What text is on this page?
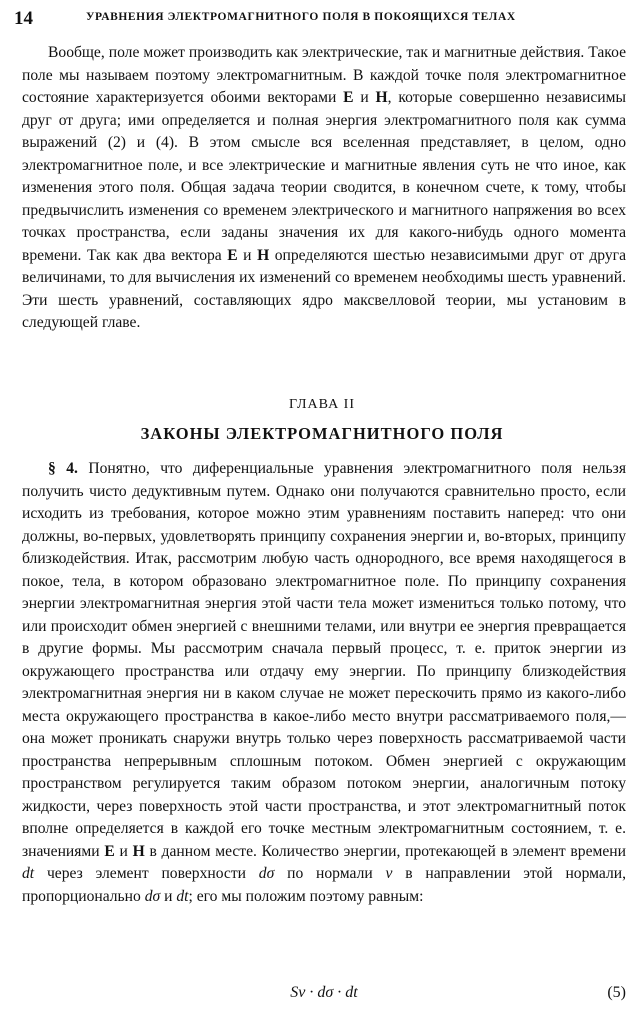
14	УРАВНЕНИЯ ЭЛЕКТРОМАГНИТНОГО ПОЛЯ В ПОКОЯЩИХСЯ ТЕЛАХ

Вообще, поле может производить как электрические, так и магнитные действия. Такое поле мы называем поэтому электромагнитным. В каждой точке поля электромагнитное состояние характеризуется обоими векторами E и H, которые совершенно независимы друг от друга; ими определяется и полная энергия электромагнитного поля как сумма выражений (2) и (4). В этом смысле вся вселенная представляет, в целом, одно электромагнитное поле, и все электрические и магнитные явления суть не что иное, как изменения этого поля. Общая задача теории сводится, в конечном счете, к тому, чтобы предвычислить изменения со временем электрического и магнитного напряжения во всех точках пространства, если заданы значения их для какого-нибудь одного момента времени. Так как два вектора E и H определяются шестью независимыми друг от друга величинами, то для вычисления их изменений со временем необходимы шесть уравнений. Эти шесть уравнений, составляющих ядро максвелловой теории, мы установим в следующей главе.

ГЛАВА II
ЗАКОНЫ ЭЛЕКТРОМАГНИТНОГО ПОЛЯ

§ 4. Понятно, что диференциальные уравнения электромагнитного поля нельзя получить чисто дедуктивным путем. Однако они получаются сравнительно просто, если исходить из требования, которое можно этим уравнениям поставить наперед: что они должны, во-первых, удовлетворять принципу сохранения энергии и, во-вторых, принципу близкодействия. Итак, рассмотрим любую часть однородного, все время находящегося в покое, тела, в котором образовано электромагнитное поле. По принципу сохранения энергии электромагнитная энергия этой части тела может измениться только потому, что или происходит обмен энергией с внешними телами, или внутри ее энергия превращается в другие формы. Мы рассмотрим сначала первый процесс, т. е. приток энергии из окружающего пространства или отдачу ему энергии. По принципу близкодействия электромагнитная энергия ни в каком случае не может перескочить прямо из какого-либо места окружающего пространства в какое-либо место внутри рассматриваемого поля,—она может проникать снаружи внутрь только через поверхность рассматриваемой части пространства непрерывным сплошным потоком. Обмен энергией с окружающим пространством регулируется таким образом потоком энергии, аналогичным потоку жидкости, через поверхность этой части пространства, и этот электромагнитный поток вполне определяется в каждой его точке местным электромагнитным состоянием, т. е. значениями E и H в данном месте. Количество энергии, протекающей в элемент времени dt через элемент поверхности dσ по нормали ν в направлении этой нормали, пропорционально dσ и dt; его мы положим поэтому равным:

Sν · dσ · dt	(5)
